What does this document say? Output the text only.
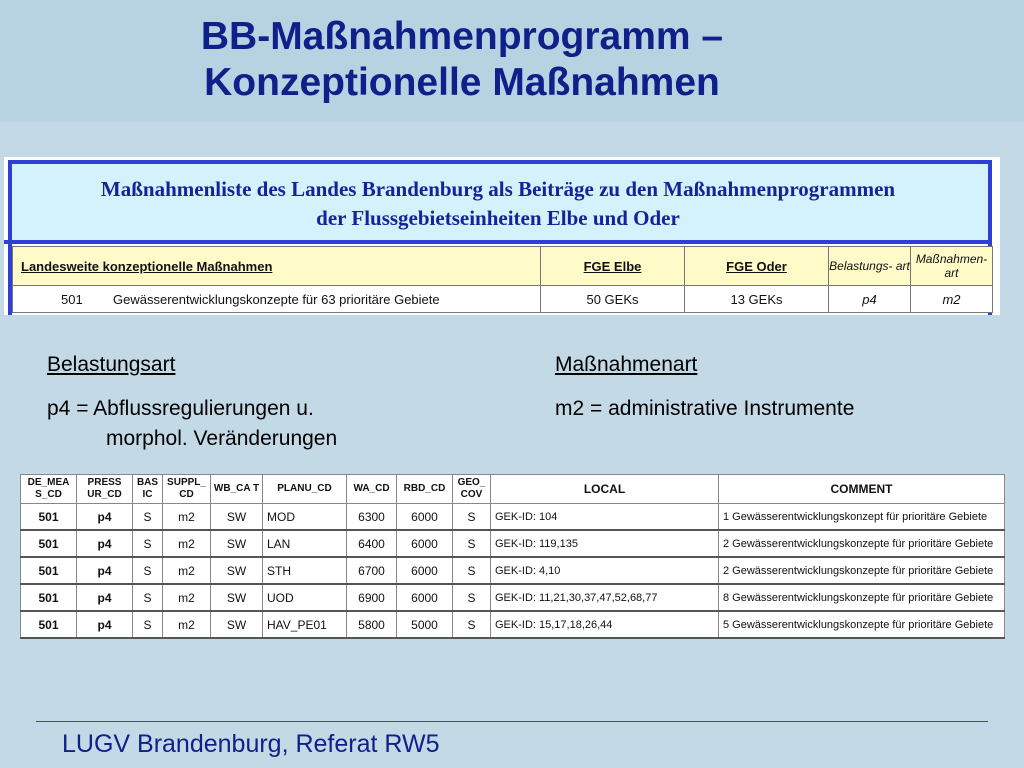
BB-Maßnahmenprogramm –
Konzeptionelle Maßnahmen
Maßnahmenliste des Landes Brandenburg als Beiträge zu den Maßnahmenprogrammen
der Flussgebietseinheiten Elbe und Oder
Landesweite konzeptionelle Maßnahmen	FGE Elbe	FGE Oder	Belastungs- art	Maßnahmen- art
501 Gewässerentwicklungskonzepte für 63 prioritäre Gebiete	50 GEKs	13 GEKs	p4	m2
Belastungsart
p4 = Abflussregulierungen u.
morphol. Veränderungen
Maßnahmenart
m2 = administrative Instrumente
DE_MEA S_CD	PRESS UR_CD	BAS IC	SUPPL_ CD	WB_CA T	PLANU_CD	WA_CD	RBD_CD	GEO_ COV	LOCAL	COMMENT
501	p4	S	m2	SW	MOD	6300	6000	S	GEK-ID: 104	1 Gewässerentwicklungskonzept für prioritäre Gebiete
501	p4	S	m2	SW	LAN	6400	6000	S	GEK-ID: 119,135	2 Gewässerentwicklungskonzepte für prioritäre Gebiete
501	p4	S	m2	SW	STH	6700	6000	S	GEK-ID: 4,10	2 Gewässerentwicklungskonzepte für prioritäre Gebiete
501	p4	S	m2	SW	UOD	6900	6000	S	GEK-ID: 11,21,30,37,47,52,68,77	8 Gewässerentwicklungskonzepte für prioritäre Gebiete
501	p4	S	m2	SW	HAV_PE01	5800	5000	S	GEK-ID: 15,17,18,26,44	5 Gewässerentwicklungskonzepte für prioritäre Gebiete
LUGV Brandenburg, Referat RW5
